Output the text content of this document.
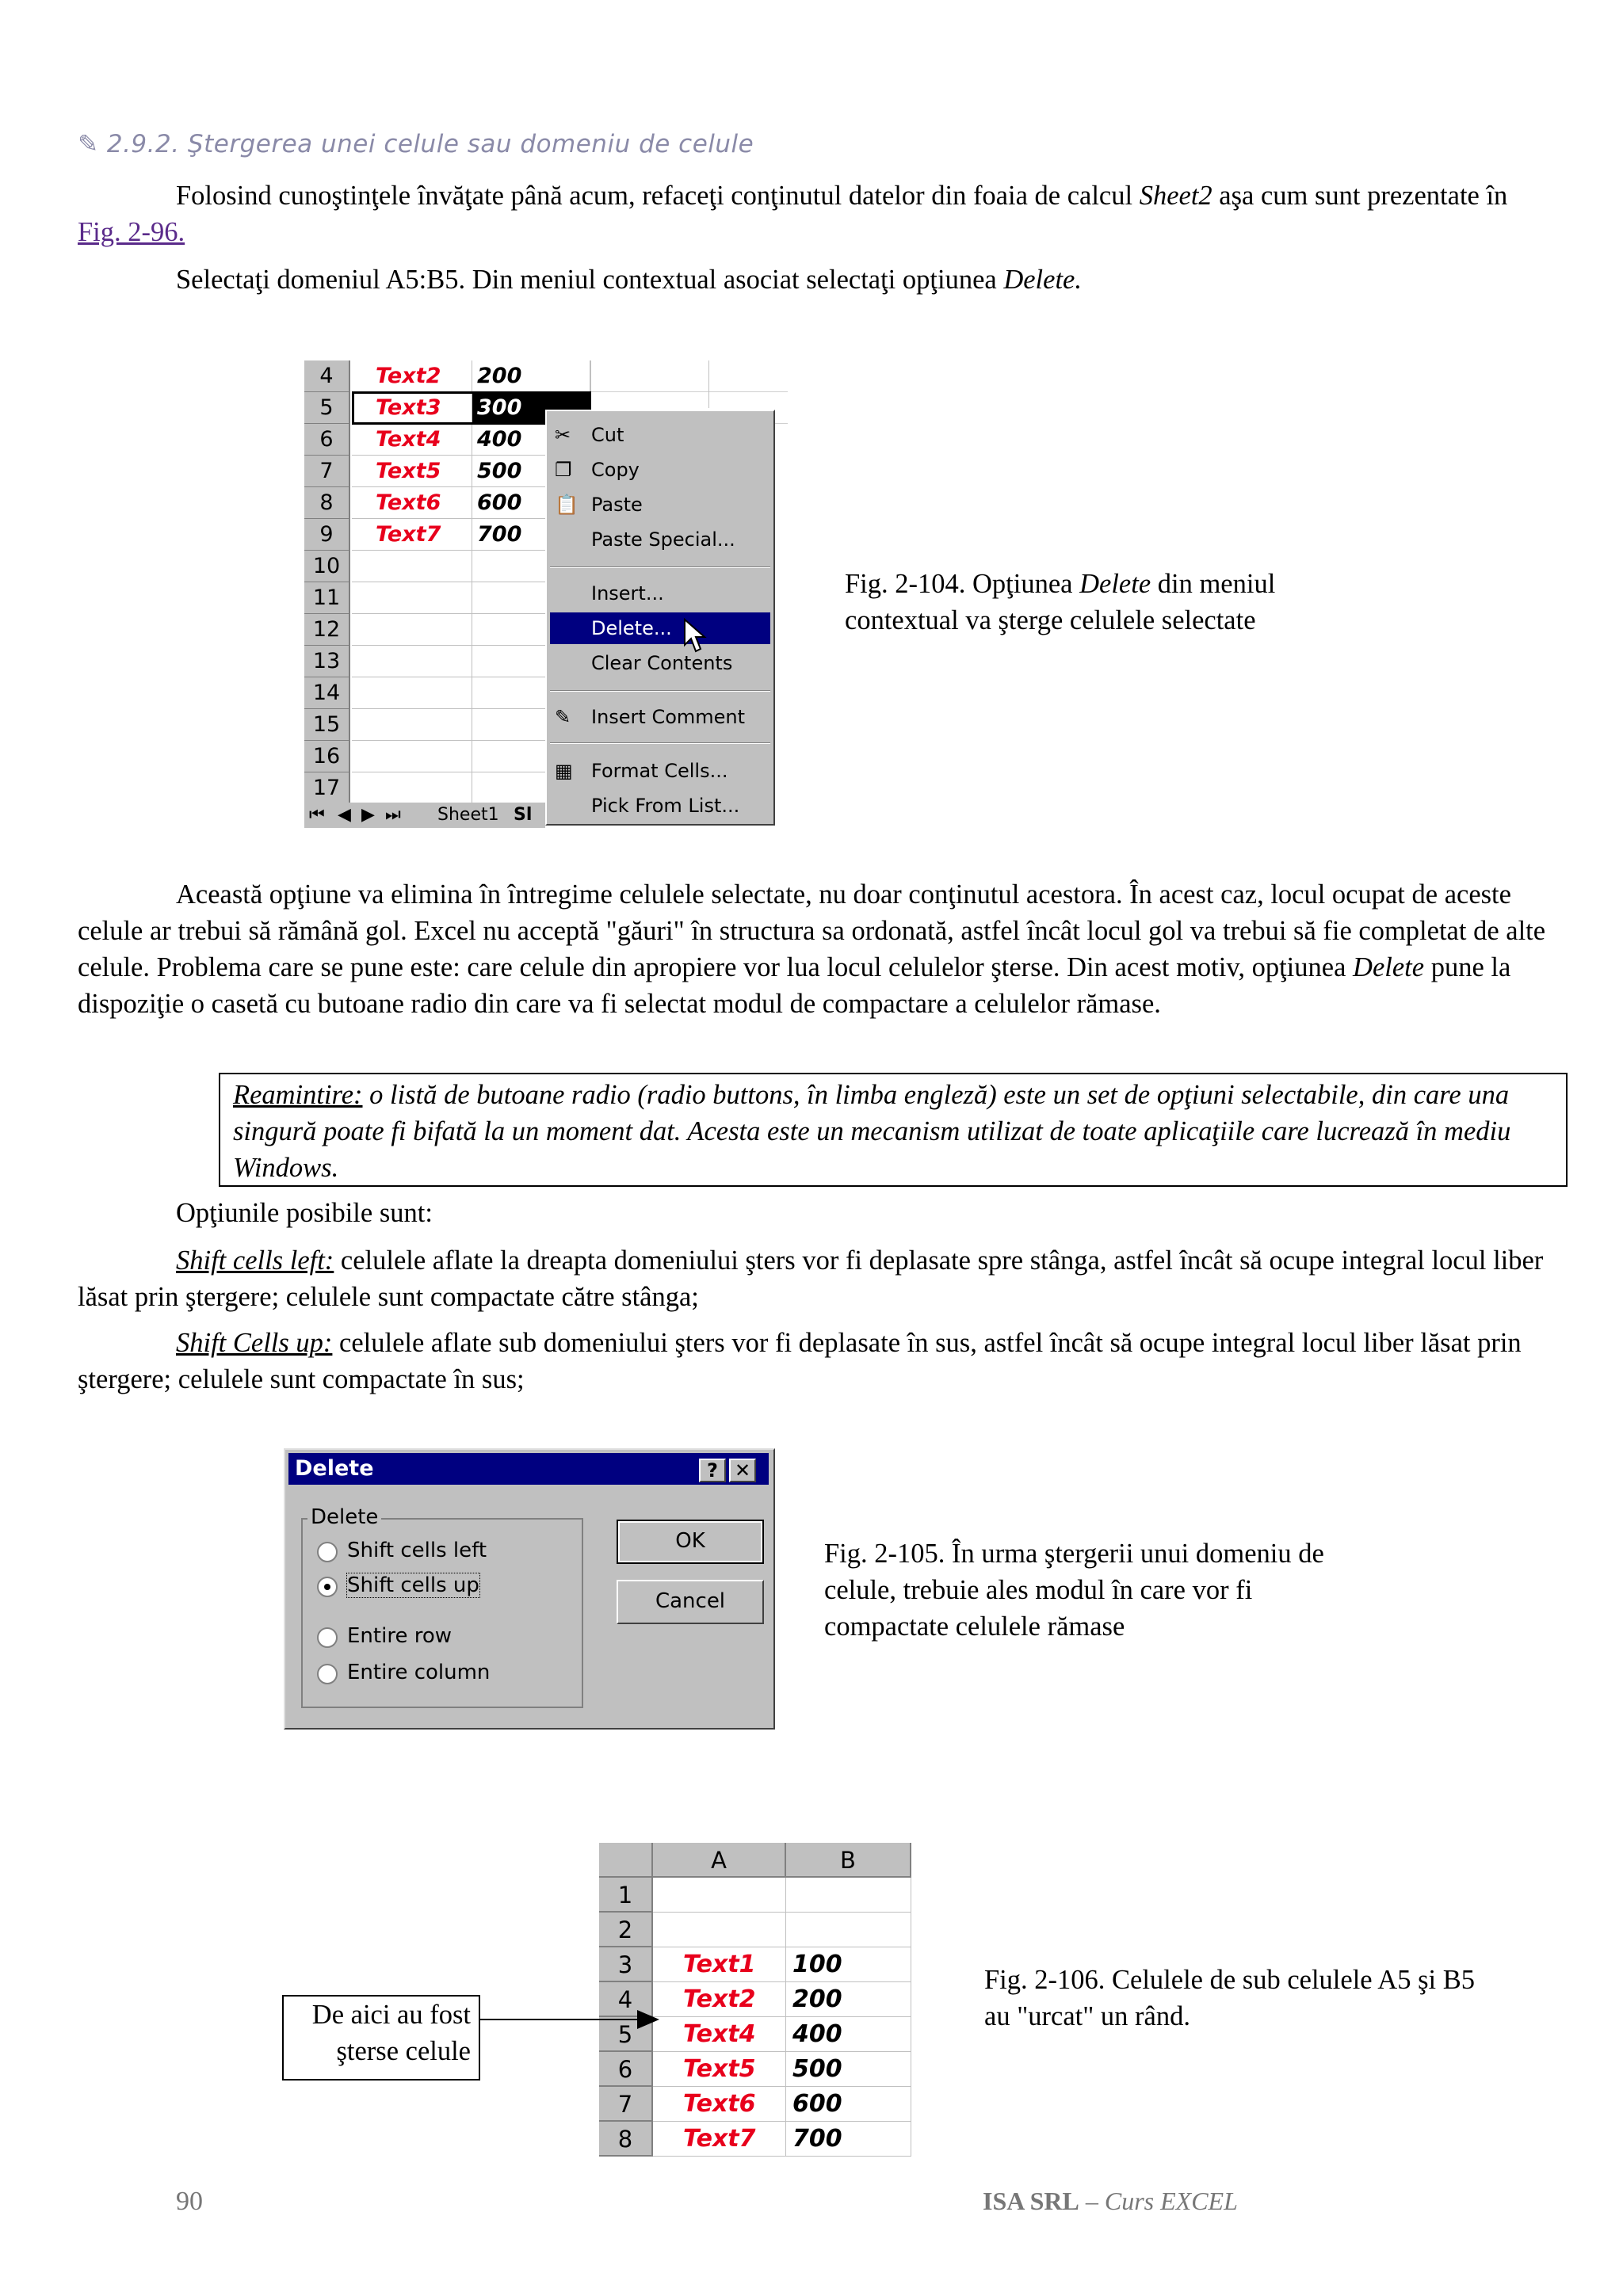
✎ 2.9.2. Ştergerea unei celule sau domeniu de celule
Folosind cunoştinţele învăţate până acum, refaceţi conţinutul datelor din foaia de calcul Sheet2 aşa cum sunt prezentate în Fig. 2-96.
Selectaţi domeniul A5:B5. Din meniul contextual asociat selectaţi opţiunea Delete.
4	Text2	200
5	Text3	300
6	Text4	400
7	Text5	500
8	Text6	600
9	Text7	700
10
11
12
13
14
15
16
17
⏮ ◀ ▶ ⏭ Sheet1 Sl
✂	Cut
❐	Copy
📋 Paste
Paste Special...
Insert...
Delete...
Clear Contents
✎	Insert Comment
▦ Format Cells...
Pick From List...
Fig. 2-104. Opţiunea Delete din meniul contextual va şterge celulele selectate
Această opţiune va elimina în întregime celulele selectate, nu doar conţinutul acestora. În acest caz, locul ocupat de aceste celule ar trebui să rămână gol. Excel nu acceptă "găuri" în structura sa ordonată, astfel încât locul gol va trebui să fie completat de alte celule. Problema care se pune este: care celule din apropiere vor lua locul celulelor şterse. Din acest motiv, opţiunea Delete pune la dispoziţie o casetă cu butoane radio din care va fi selectat modul de compactare a celulelor rămase.
Reamintire: o listă de butoane radio (radio buttons, în limba engleză) este un set de opţiuni selectabile, din care una singură poate fi bifată la un moment dat. Acesta este un mecanism utilizat de toate aplicaţiile care lucrează în mediu Windows.
Opţiunile posibile sunt:
Shift cells left: celulele aflate la dreapta domeniului şters vor fi deplasate spre stânga, astfel încât să ocupe integral locul liber lăsat prin ştergere; celulele sunt compactate către stânga;
Shift Cells up: celulele aflate sub domeniului şters vor fi deplasate în sus, astfel încât să ocupe integral locul liber lăsat prin ştergere; celulele sunt compactate în sus;
Delete	? ✕
Delete
Shift cells left
Shift cells up
Entire row
Entire column
OK
Cancel
Fig. 2-105. În urma ştergerii unui domeniu de celule, trebuie ales modul în care vor fi compactate celulele rămase
A	B
1
2
3	Text1	100
4	Text2	200
5	Text4	400
6	Text5	500
7	Text6	600
8	Text7	700
De aici au fost
şterse celule
Fig. 2-106. Celulele de sub celulele A5 şi B5 au "urcat" un rând.
90	ISA SRL – Curs EXCEL
